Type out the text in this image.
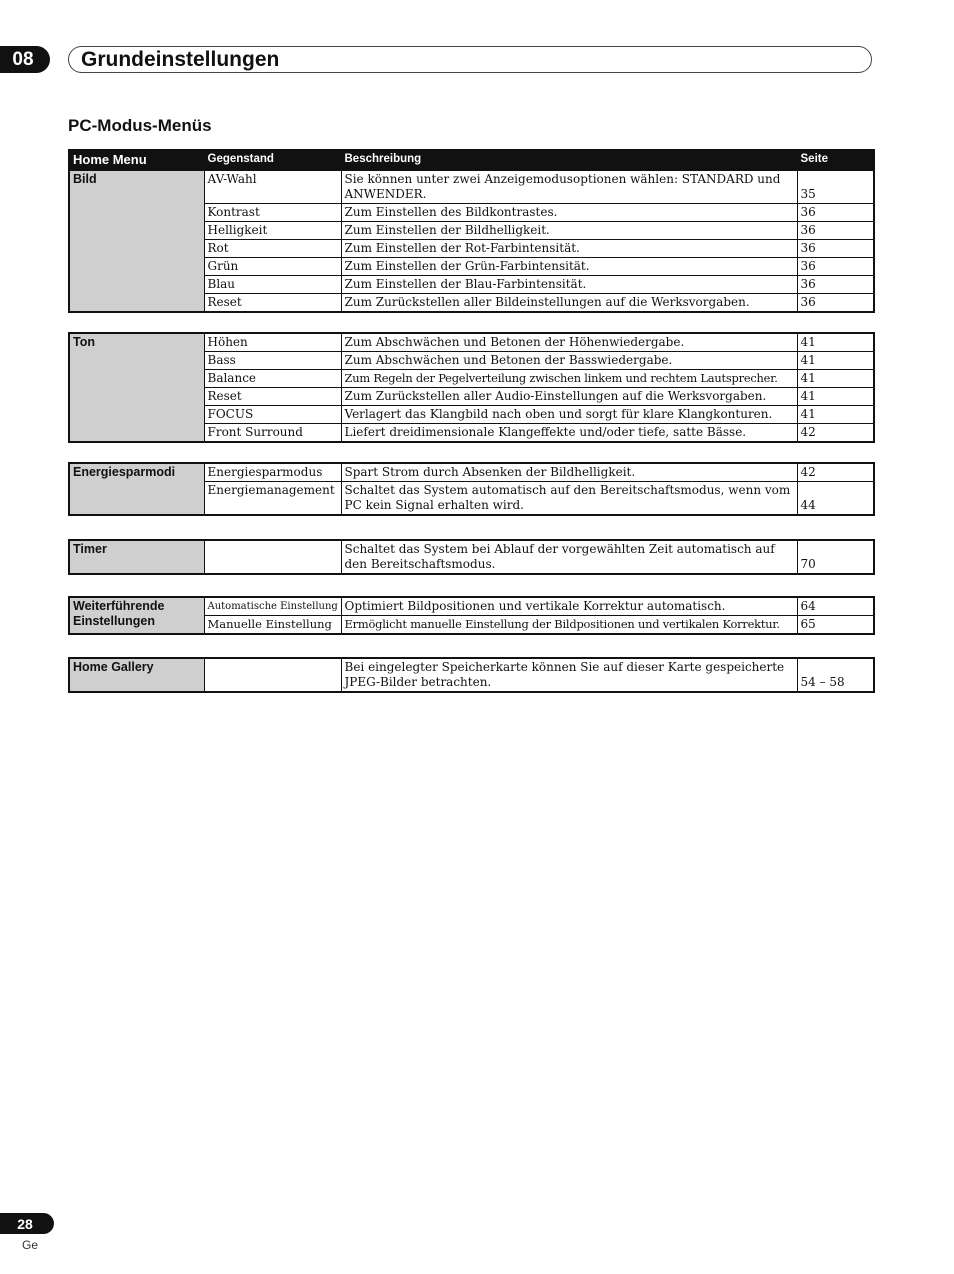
08	Grundeinstellungen
PC-Modus-Menüs
Home Menu	Gegenstand	Beschreibung	Seite
Bild	AV-Wahl	Sie können unter zwei Anzeigemodusoptionen wählen: STANDARD und ANWENDER.	35
	Kontrast	Zum Einstellen des Bildkontrastes.	36
	Helligkeit	Zum Einstellen der Bildhelligkeit.	36
	Rot	Zum Einstellen der Rot-Farbintensität.	36
	Grün	Zum Einstellen der Grün-Farbintensität.	36
	Blau	Zum Einstellen der Blau-Farbintensität.	36
	Reset	Zum Zurückstellen aller Bildeinstellungen auf die Werksvorgaben.	36
Ton	Höhen	Zum Abschwächen und Betonen der Höhenwiedergabe.	41
	Bass	Zum Abschwächen und Betonen der Basswiedergabe.	41
	Balance	Zum Regeln der Pegelverteilung zwischen linkem und rechtem Lautsprecher.	41
	Reset	Zum Zurückstellen aller Audio-Einstellungen auf die Werksvorgaben.	41
	FOCUS	Verlagert das Klangbild nach oben und sorgt für klare Klangkonturen.	41
	Front Surround	Liefert dreidimensionale Klangeffekte und/oder tiefe, satte Bässe.	42
Energiesparmodi	Energiesparmodus	Spart Strom durch Absenken der Bildhelligkeit.	42
	Energiemanagement	Schaltet das System automatisch auf den Bereitschaftsmodus, wenn vom PC kein Signal erhalten wird.	44
Timer		Schaltet das System bei Ablauf der vorgewählten Zeit automatisch auf den Bereitschaftsmodus.	70
Weiterführende Einstellungen	Automatische Einstellung	Optimiert Bildpositionen und vertikale Korrektur automatisch.	64
	Manuelle Einstellung	Ermöglicht manuelle Einstellung der Bildpositionen und vertikalen Korrektur.	65
Home Gallery		Bei eingelegter Speicherkarte können Sie auf dieser Karte gespeicherte JPEG-Bilder betrachten.	54 – 58
28
Ge
